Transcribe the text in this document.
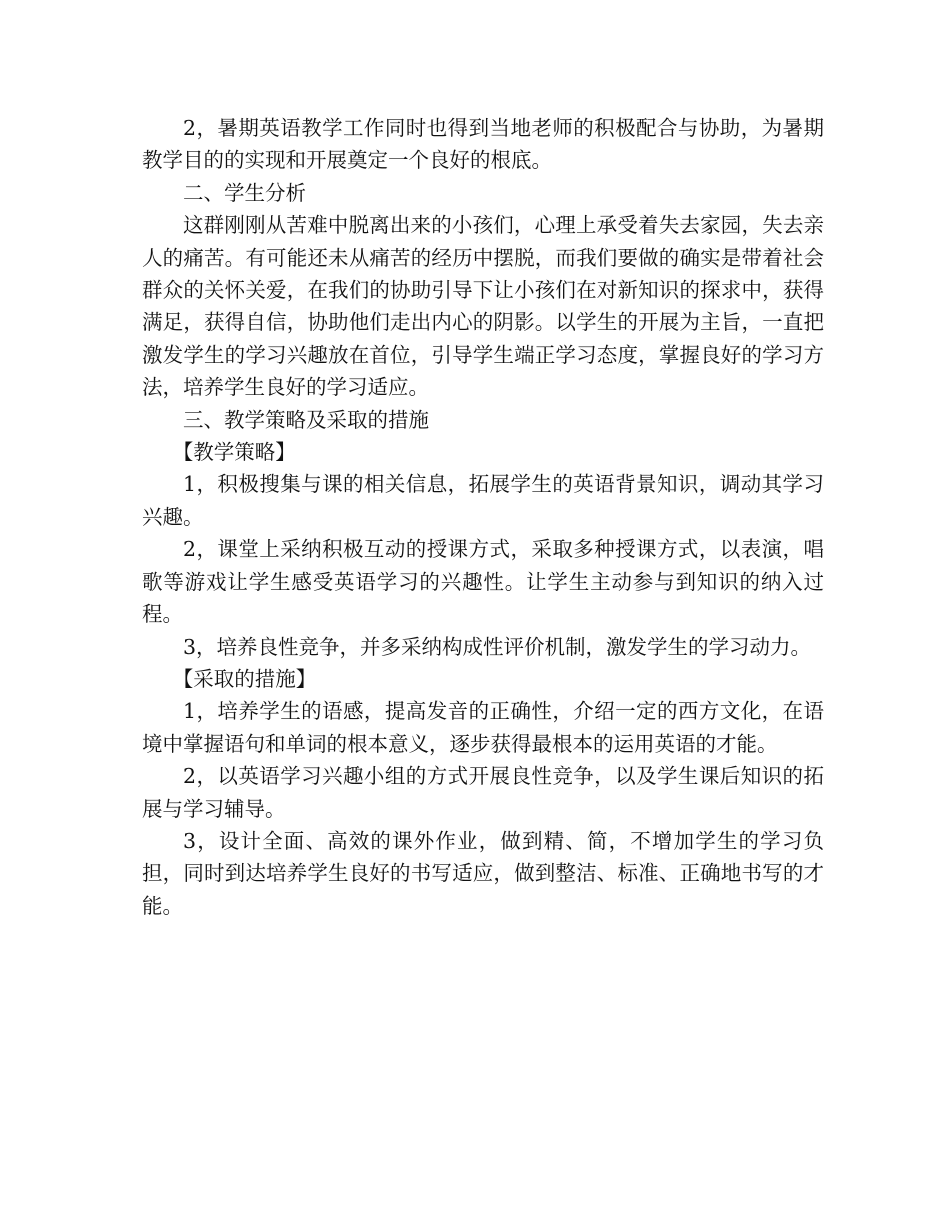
2，暑期英语教学工作同时也得到当地老师的积极配合与协助，为暑期教学目的的实现和开展奠定一个良好的根底。

二、学生分析

这群刚刚从苦难中脱离出来的小孩们，心理上承受着失去家园，失去亲人的痛苦。有可能还未从痛苦的经历中摆脱，而我们要做的确实是带着社会群众的关怀关爱，在我们的协助引导下让小孩们在对新知识的探求中，获得满足，获得自信，协助他们走出内心的阴影。以学生的开展为主旨，一直把激发学生的学习兴趣放在首位，引导学生端正学习态度，掌握良好的学习方法，培养学生良好的学习适应。

三、教学策略及采取的措施

【教学策略】

1，积极搜集与课的相关信息，拓展学生的英语背景知识，调动其学习兴趣。

2，课堂上采纳积极互动的授课方式，采取多种授课方式，以表演，唱歌等游戏让学生感受英语学习的兴趣性。让学生主动参与到知识的纳入过程。

3，培养良性竞争，并多采纳构成性评价机制，激发学生的学习动力。

【采取的措施】

1，培养学生的语感，提高发音的正确性，介绍一定的西方文化，在语境中掌握语句和单词的根本意义，逐步获得最根本的运用英语的才能。

2，以英语学习兴趣小组的方式开展良性竞争，以及学生课后知识的拓展与学习辅导。

3，设计全面、高效的课外作业，做到精、简，不增加学生的学习负担，同时到达培养学生良好的书写适应，做到整洁、标准、正确地书写的才能。
